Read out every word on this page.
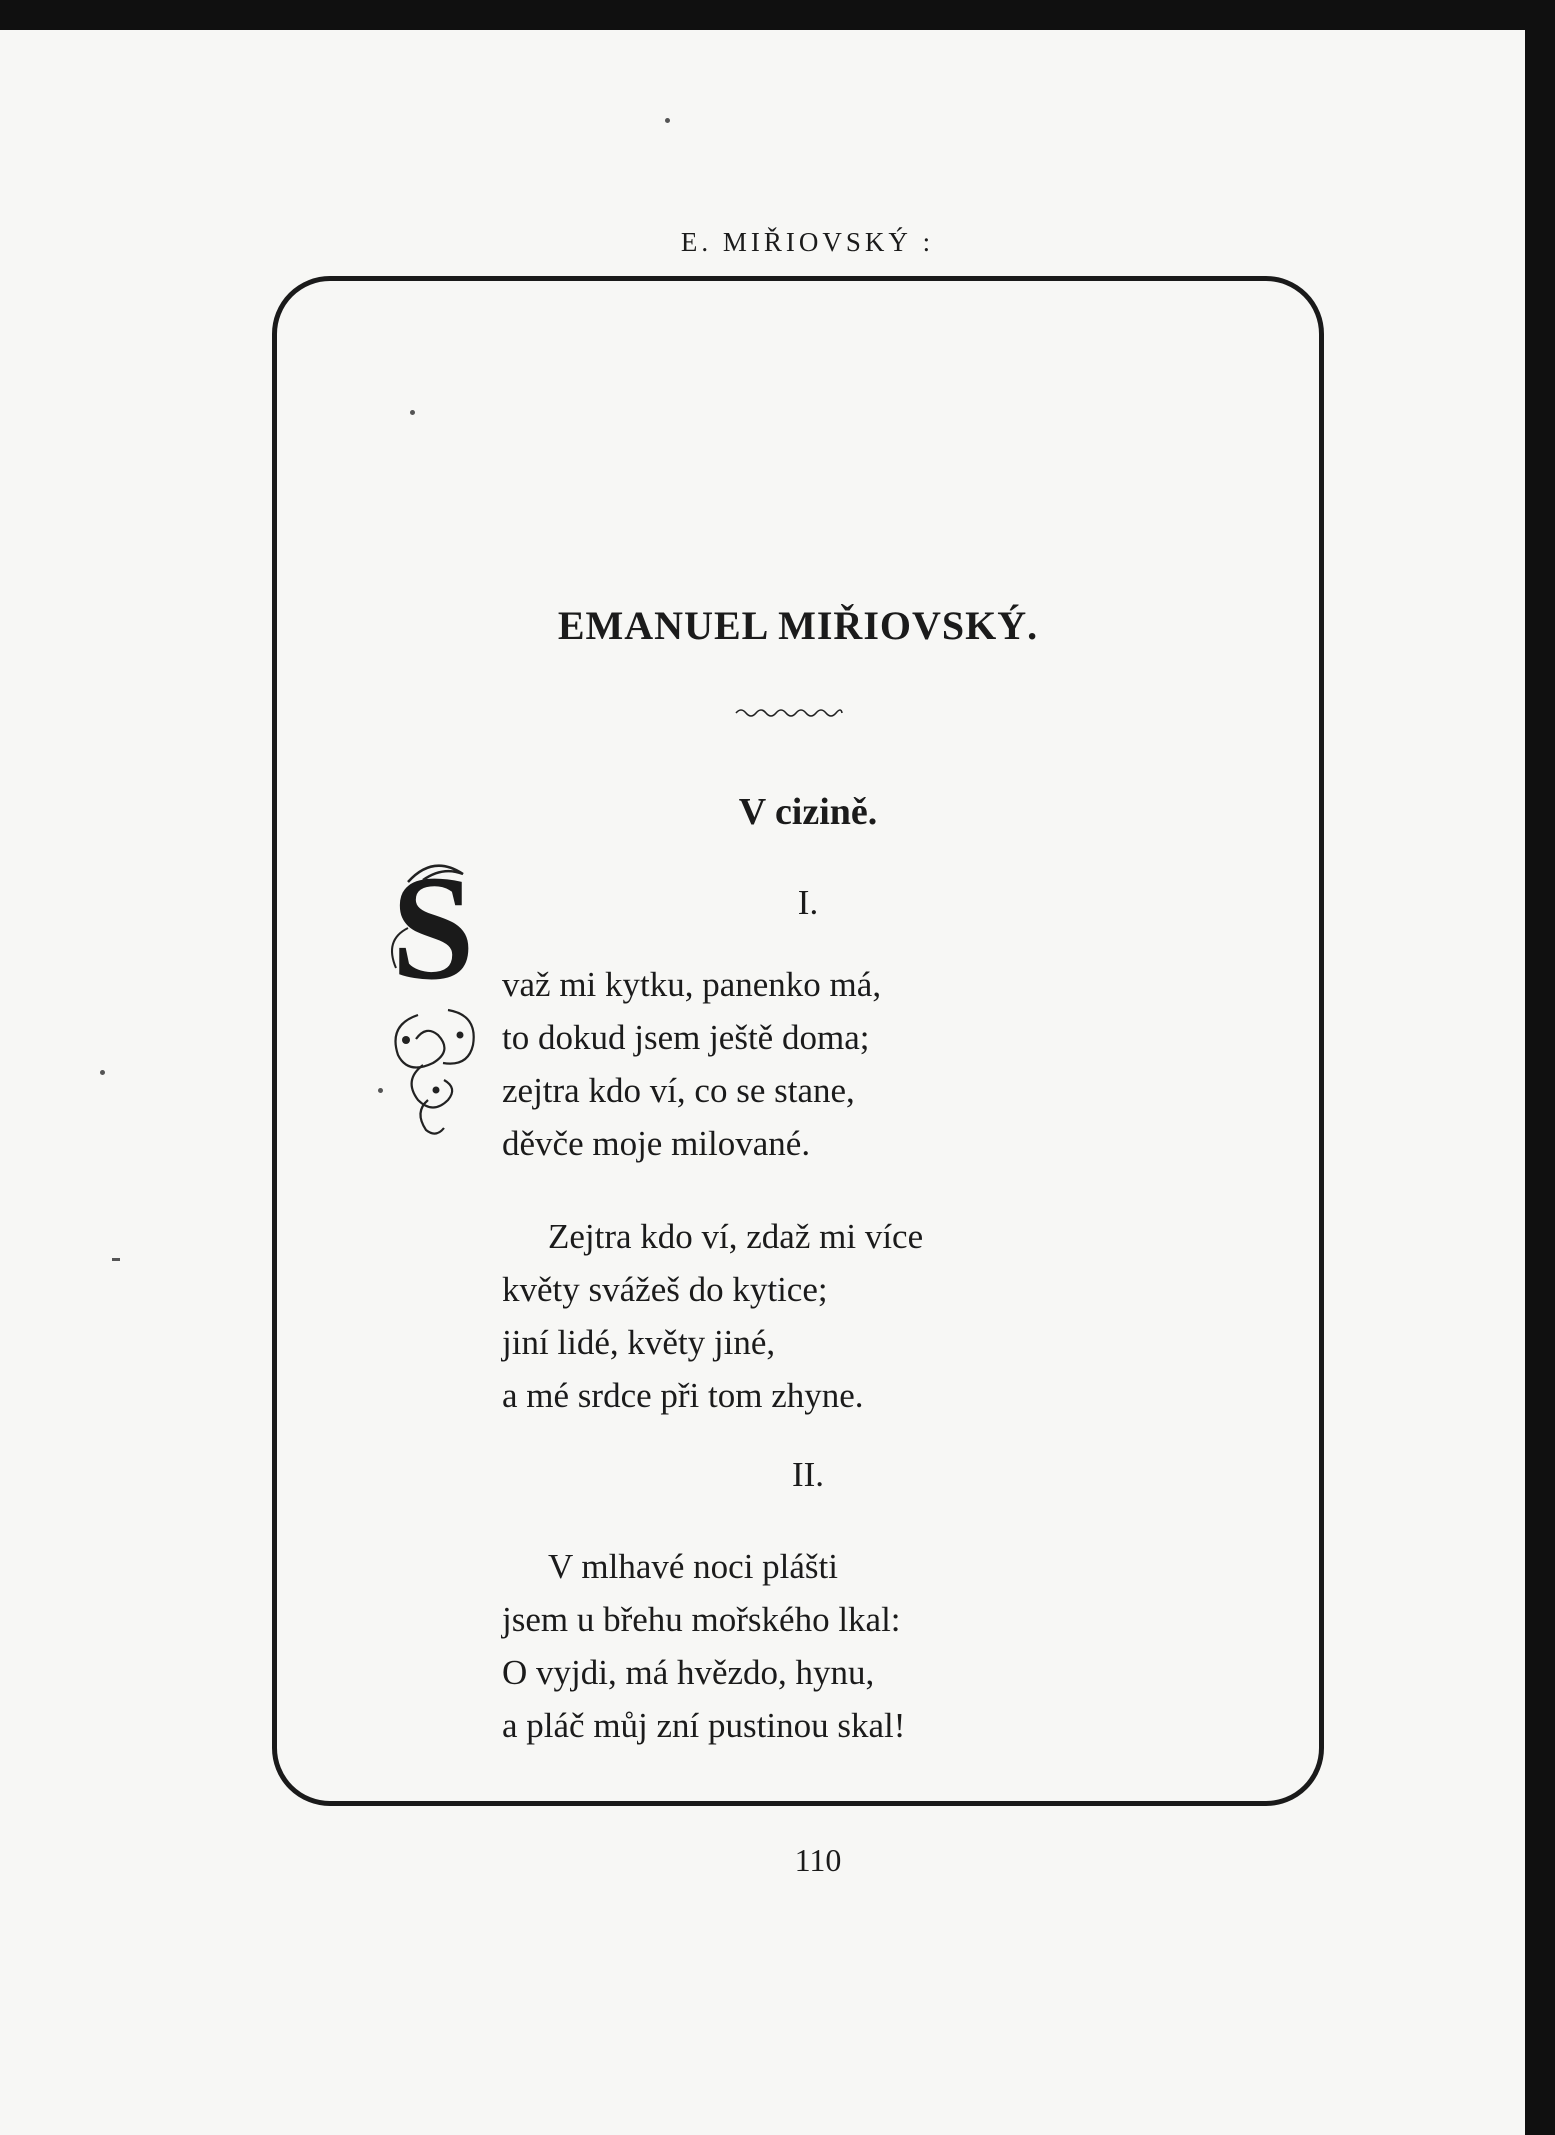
E. MIŘIOVSKÝ :
EMANUEL MIŘIOVSKÝ.
V cizině.
S	I.
važ mi kytku, panenko má,
to dokud jsem ještě doma;
zejtra kdo ví, co se stane,
děvče moje milované.
Zejtra kdo ví, zdaž mi více
květy svážeš do kytice;
jiní lidé, květy jiné,
a mé srdce při tom zhyne.
II.
V mlhavé noci plášti
jsem u břehu mořského lkal:
O vyjdi, má hvězdo, hynu,
a pláč můj zní pustinou skal!
110
